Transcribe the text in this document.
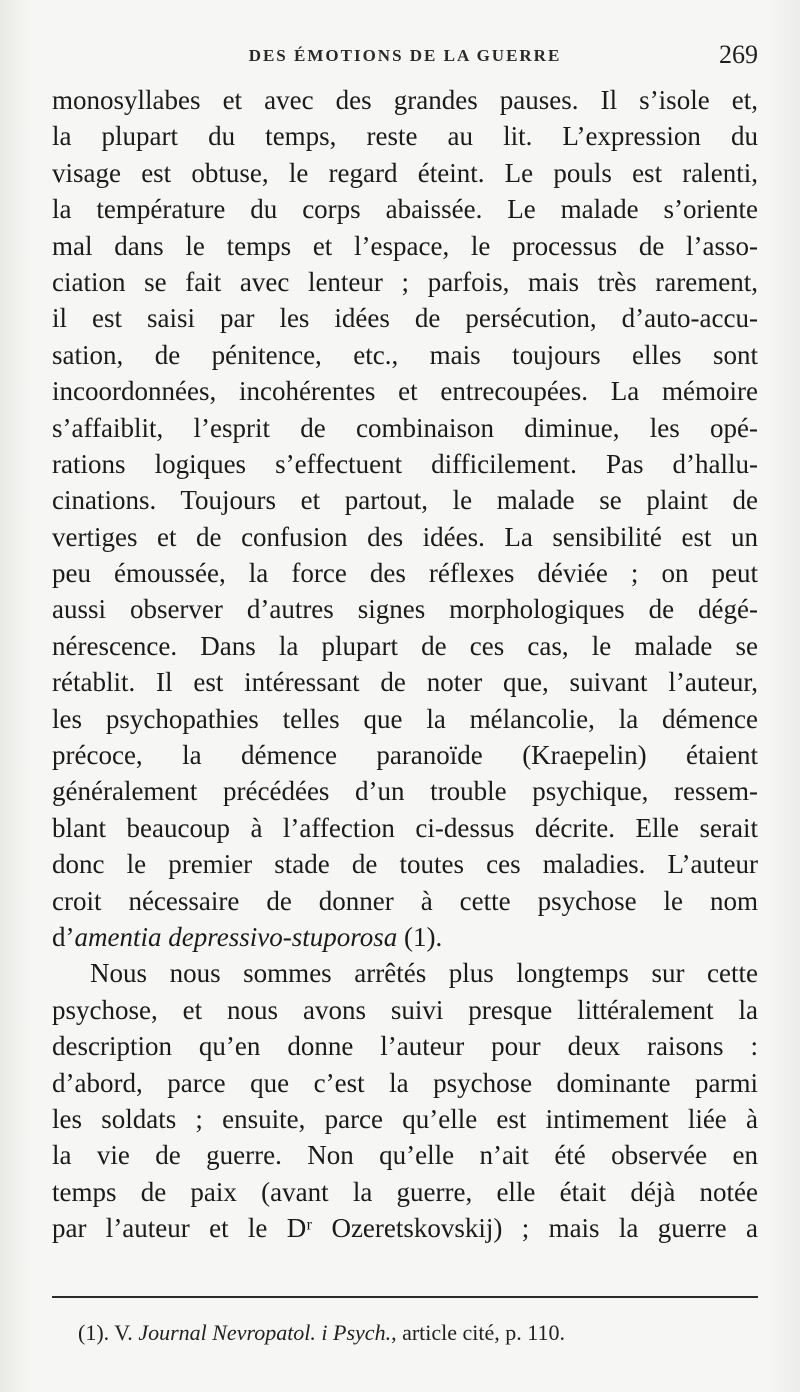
DES ÉMOTIONS DE LA GUERRE	269

monosyllabes et avec des grandes pauses. Il s’isole et,
la plupart du temps, reste au lit. L’expression du
visage est obtuse, le regard éteint. Le pouls est ralenti,
la température du corps abaissée. Le malade s’oriente
mal dans le temps et l’espace, le processus de l’asso-
ciation se fait avec lenteur ; parfois, mais très rarement,
il est saisi par les idées de persécution, d’auto-accu-
sation, de pénitence, etc., mais toujours elles sont
incoordonnées, incohérentes et entrecoupées. La mémoire
s’affaiblit, l’esprit de combinaison diminue, les opé-
rations logiques s’effectuent difficilement. Pas d’hallu-
cinations. Toujours et partout, le malade se plaint de
vertiges et de confusion des idées. La sensibilité est un
peu émoussée, la force des réflexes déviée ; on peut
aussi observer d’autres signes morphologiques de dégé-
nérescence. Dans la plupart de ces cas, le malade se
rétablit. Il est intéressant de noter que, suivant l’auteur,
les psychopathies telles que la mélancolie, la démence
précoce, la démence paranoïde (Kraepelin) étaient
généralement précédées d’un trouble psychique, ressem-
blant beaucoup à l’affection ci-dessus décrite. Elle serait
donc le premier stade de toutes ces maladies. L’auteur
croit nécessaire de donner à cette psychose le nom
d’amentia depressivo-stuporosa (1).

Nous nous sommes arrêtés plus longtemps sur cette
psychose, et nous avons suivi presque littéralement la
description qu’en donne l’auteur pour deux raisons :
d’abord, parce que c’est la psychose dominante parmi
les soldats ; ensuite, parce qu’elle est intimement liée à
la vie de guerre. Non qu’elle n’ait été observée en
temps de paix (avant la guerre, elle était déjà notée
par l’auteur et le Dʳ Ozeretskovskij) ; mais la guerre a

(1). V. Journal Nevropatol. i Psych., article cité, p. 110.
